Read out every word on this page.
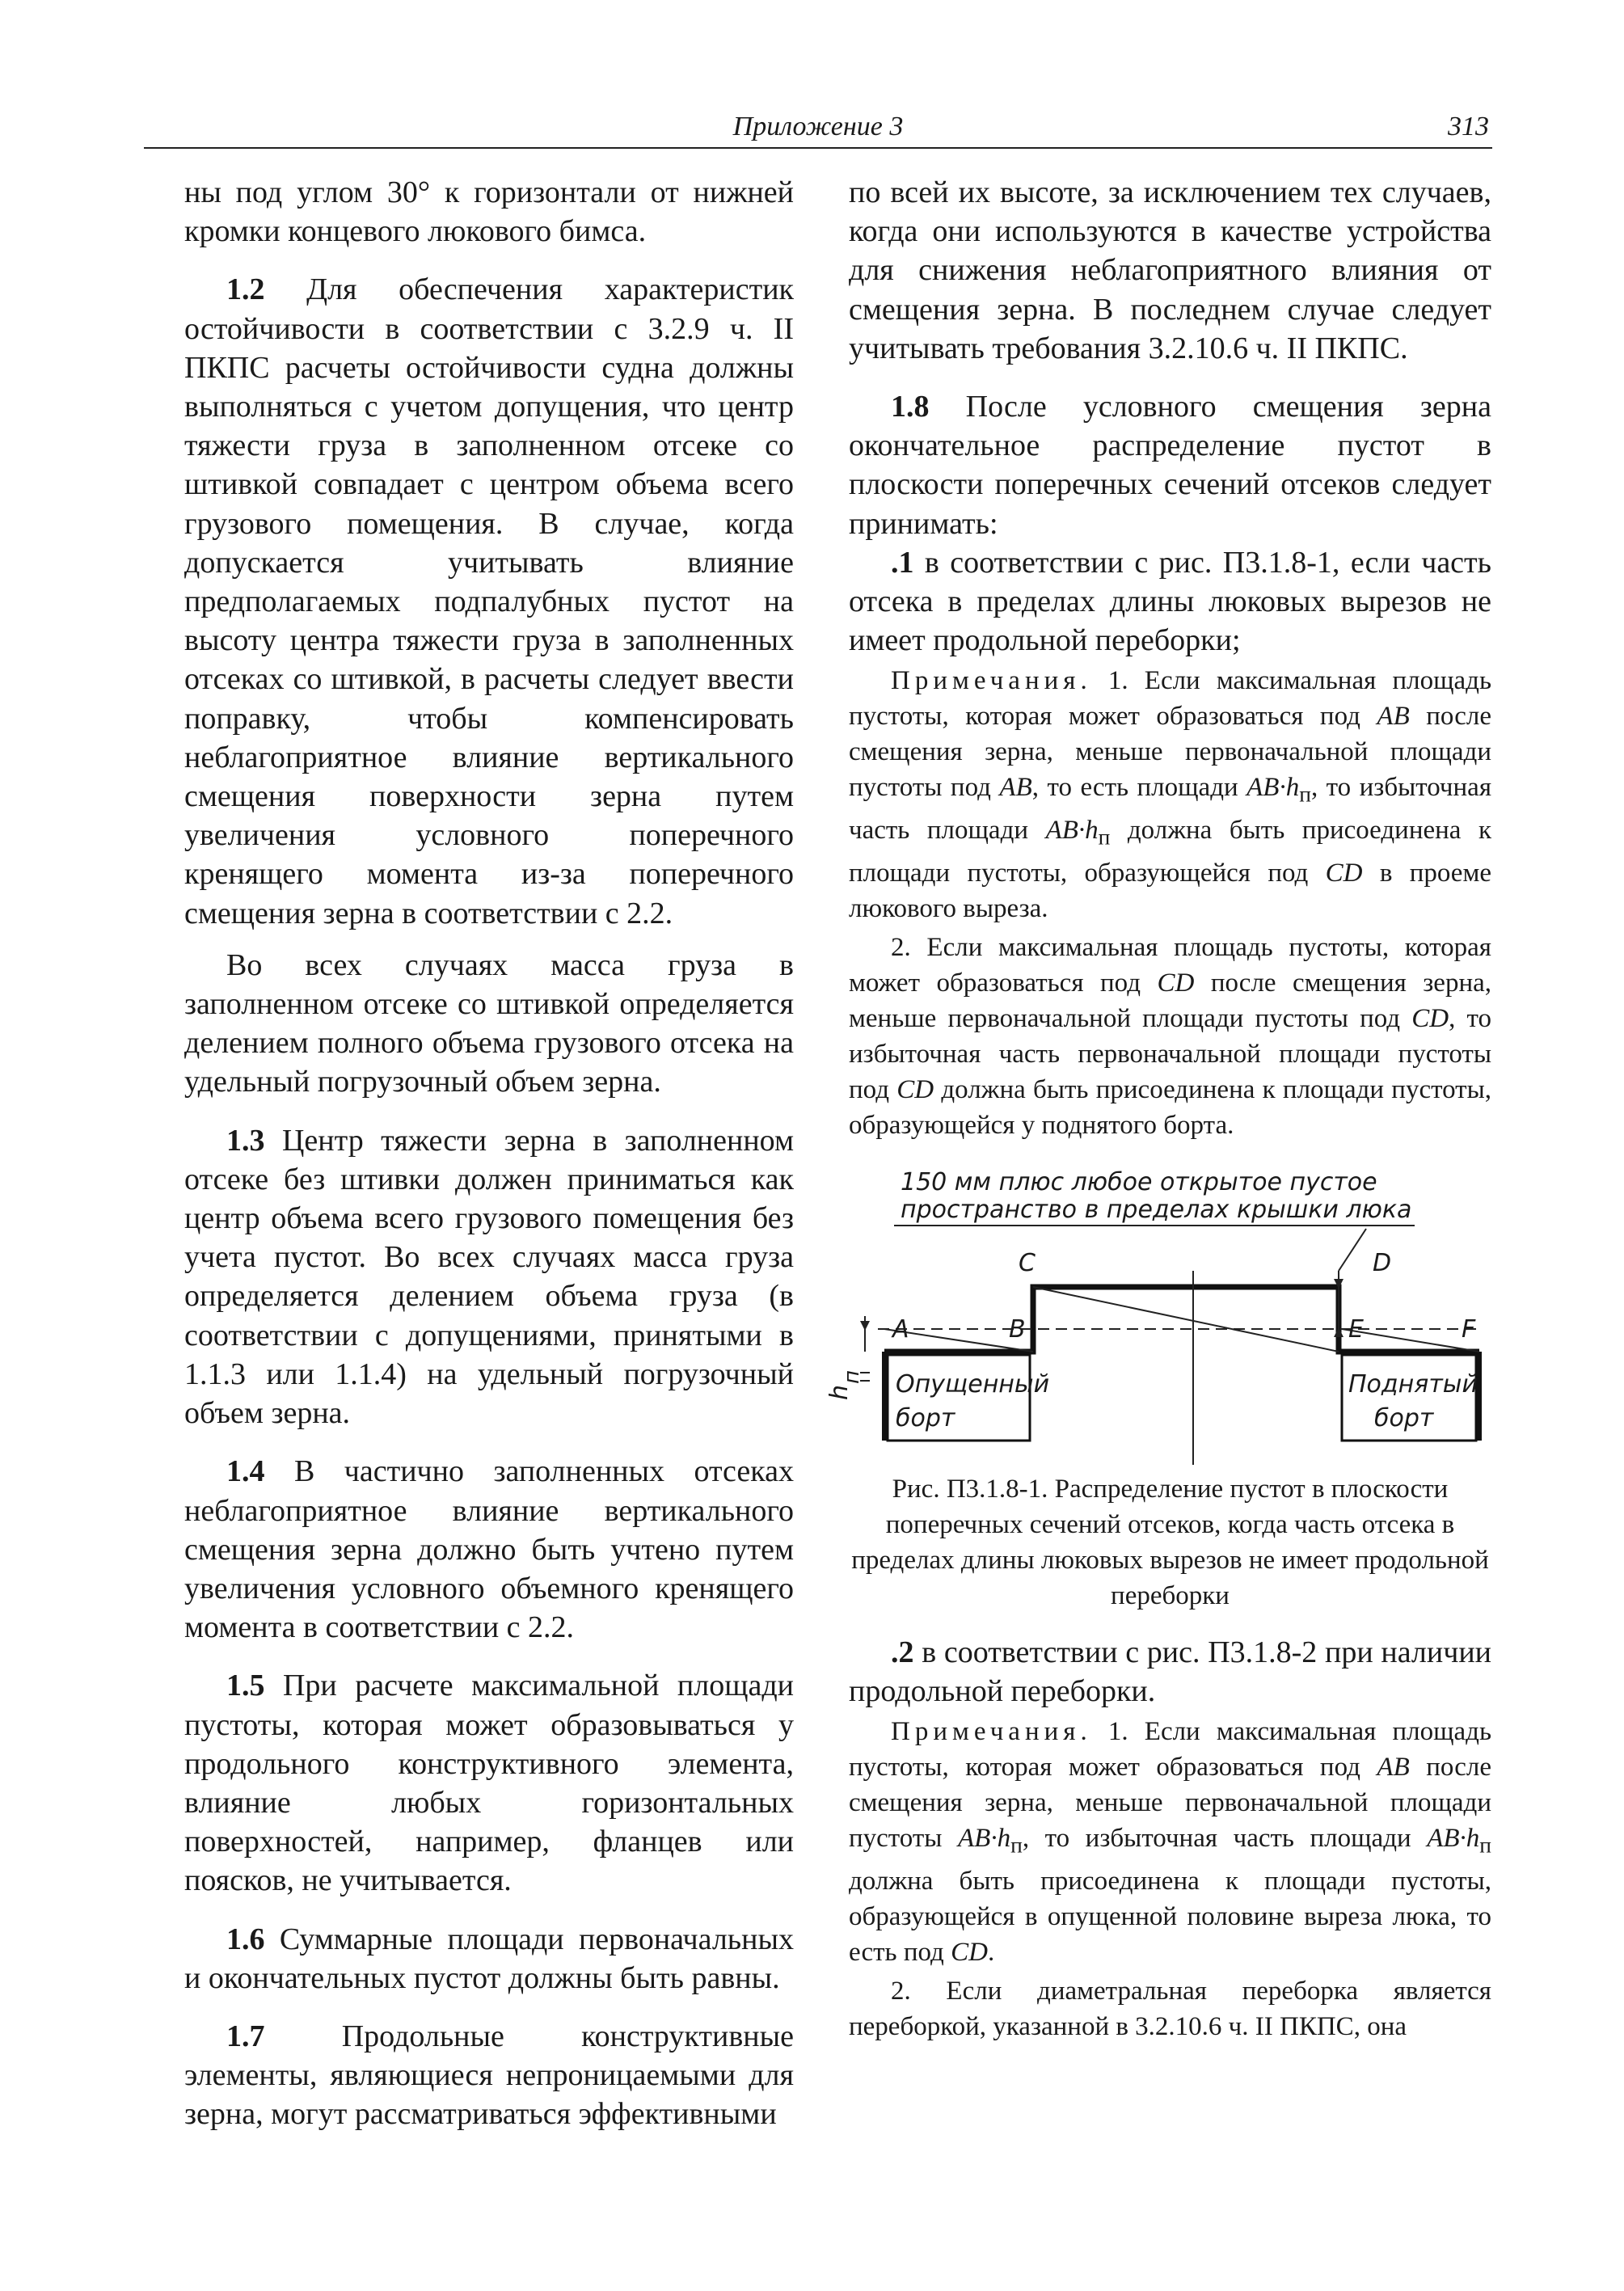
Приложение 3	313

ны под углом 30° к горизонтали от нижней кромки концевого люкового бимса.

1.2 Для обеспечения характеристик остойчивости в соответствии с 3.2.9 ч. II ПКПС расчеты остойчивости судна должны выполняться с учетом допущения, что центр тяжести груза в заполненном отсеке со штивкой совпадает с центром объема всего грузового помещения. В случае, когда допускается учитывать влияние предполагаемых подпалубных пустот на высоту центра тяжести груза в заполненных отсеках со штивкой, в расчеты следует ввести поправку, чтобы компенсировать неблагоприятное влияние вертикального смещения поверхности зерна путем увеличения условного поперечного кренящего момента из-за поперечного смещения зерна в соответствии с 2.2.

Во всех случаях масса груза в заполненном отсеке со штивкой определяется делением полного объема грузового отсека на удельный погрузочный объем зерна.

1.3 Центр тяжести зерна в заполненном отсеке без штивки должен приниматься как центр объема всего грузового помещения без учета пустот. Во всех случаях масса груза определяется делением объема груза (в соответствии с допущениями, принятыми в 1.1.3 или 1.1.4) на удельный погрузочный объем зерна.

1.4 В частично заполненных отсеках неблагоприятное влияние вертикального смещения зерна должно быть учтено путем увеличения условного объемного кренящего момента в соответствии с 2.2.

1.5 При расчете максимальной площади пустоты, которая может образовываться у продольного конструктивного элемента, влияние любых горизонтальных поверхностей, например, фланцев или поясков, не учитывается.

1.6 Суммарные площади первоначальных и окончательных пустот должны быть равны.

1.7 Продольные конструктивные элементы, являющиеся непроницаемыми для зерна, могут рассматриваться эффективными

по всей их высоте, за исключением тех случаев, когда они используются в качестве устройства для снижения неблагоприятного влияния от смещения зерна. В последнем случае следует учитывать требования 3.2.10.6 ч. II ПКПС.

1.8 После условного смещения зерна окончательное распределение пустот в плоскости поперечных сечений отсеков следует принимать:

.1 в соответствии с рис. П3.1.8-1, если часть отсека в пределах длины люковых вырезов не имеет продольной переборки;

Примечания. 1. Если максимальная площадь пустоты, которая может образоваться под AB после смещения зерна, меньше первоначальной площади пустоты под AB, то есть площади $AB\cdot h_п$, то избыточная часть площади $AB\cdot h_п$ должна быть присоединена к площади пустоты, образующейся под CD в проеме люкового выреза.

2. Если максимальная площадь пустоты, которая может образоваться под CD после смещения зерна, меньше первоначальной площади пустоты под CD, то избыточная часть первоначальной площади пустоты под CD должна быть присоединена к площади пустоты, образующейся у поднятого борта.

150 мм плюс любое открытое пустое
пространство в пределах крышки люка
C	D
A	B	E	F
h
п Опущенный
борт
Поднятый
борт

Рис. П3.1.8-1. Распределение пустот в плоскости поперечных сечений отсеков, когда часть отсека в пределах длины люковых вырезов не имеет продольной переборки

.2 в соответствии с рис. П3.1.8-2 при наличии продольной переборки.

Примечания. 1. Если максимальная площадь пустоты, которая может образоваться под AB после смещения зерна, меньше первоначальной площади пустоты $AB\cdot h_п$, то избыточная часть площади $AB\cdot h_п$ должна быть присоединена к площади пустоты, образующейся в опущенной половине выреза люка, то есть под CD.

2. Если диаметральная переборка является переборкой, указанной в 3.2.10.6 ч. II ПКПС, она
